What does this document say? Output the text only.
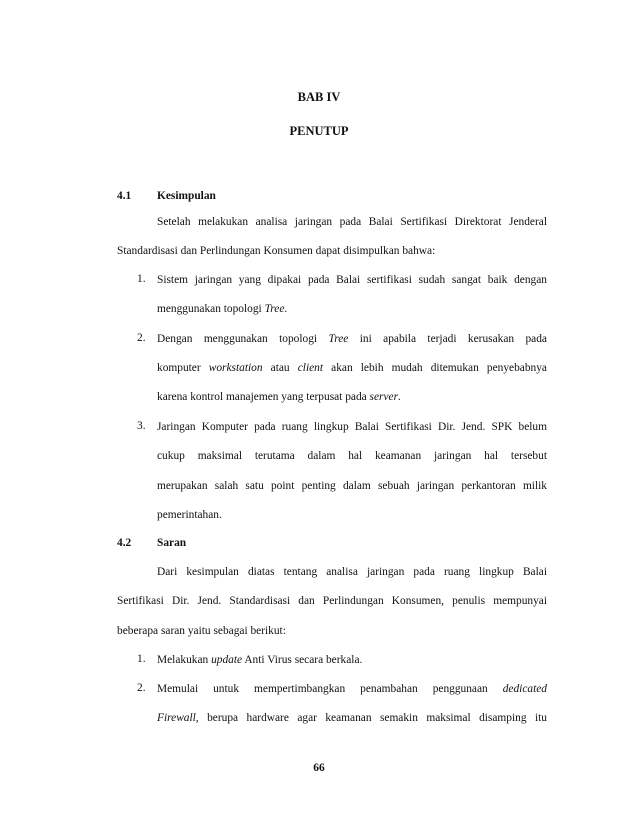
BAB IV
PENUTUP
4.1 Kesimpulan
Setelah melakukan analisa jaringan pada Balai Sertifikasi Direktorat Jenderal
Standardisasi dan Perlindungan Konsumen dapat disimpulkan bahwa:
1. Sistem jaringan yang dipakai pada Balai sertifikasi sudah sangat baik dengan
menggunakan topologi Tree.
2. Dengan menggunakan topologi Tree ini apabila terjadi kerusakan pada
komputer workstation atau client akan lebih mudah ditemukan penyebabnya
karena kontrol manajemen yang terpusat pada server.
3. Jaringan Komputer pada ruang lingkup Balai Sertifikasi Dir. Jend. SPK belum
cukup maksimal terutama dalam hal keamanan jaringan hal tersebut
merupakan salah satu point penting dalam sebuah jaringan perkantoran milik
pemerintahan.
4.2 Saran
Dari kesimpulan diatas tentang analisa jaringan pada ruang lingkup Balai
Sertifikasi Dir. Jend. Standardisasi dan Perlindungan Konsumen, penulis mempunyai
beberapa saran yaitu sebagai berikut:
1. Melakukan update Anti Virus secara berkala.
2. Memulai untuk mempertimbangkan penambahan penggunaan dedicated
Firewall, berupa hardware agar keamanan semakin maksimal disamping itu
66
